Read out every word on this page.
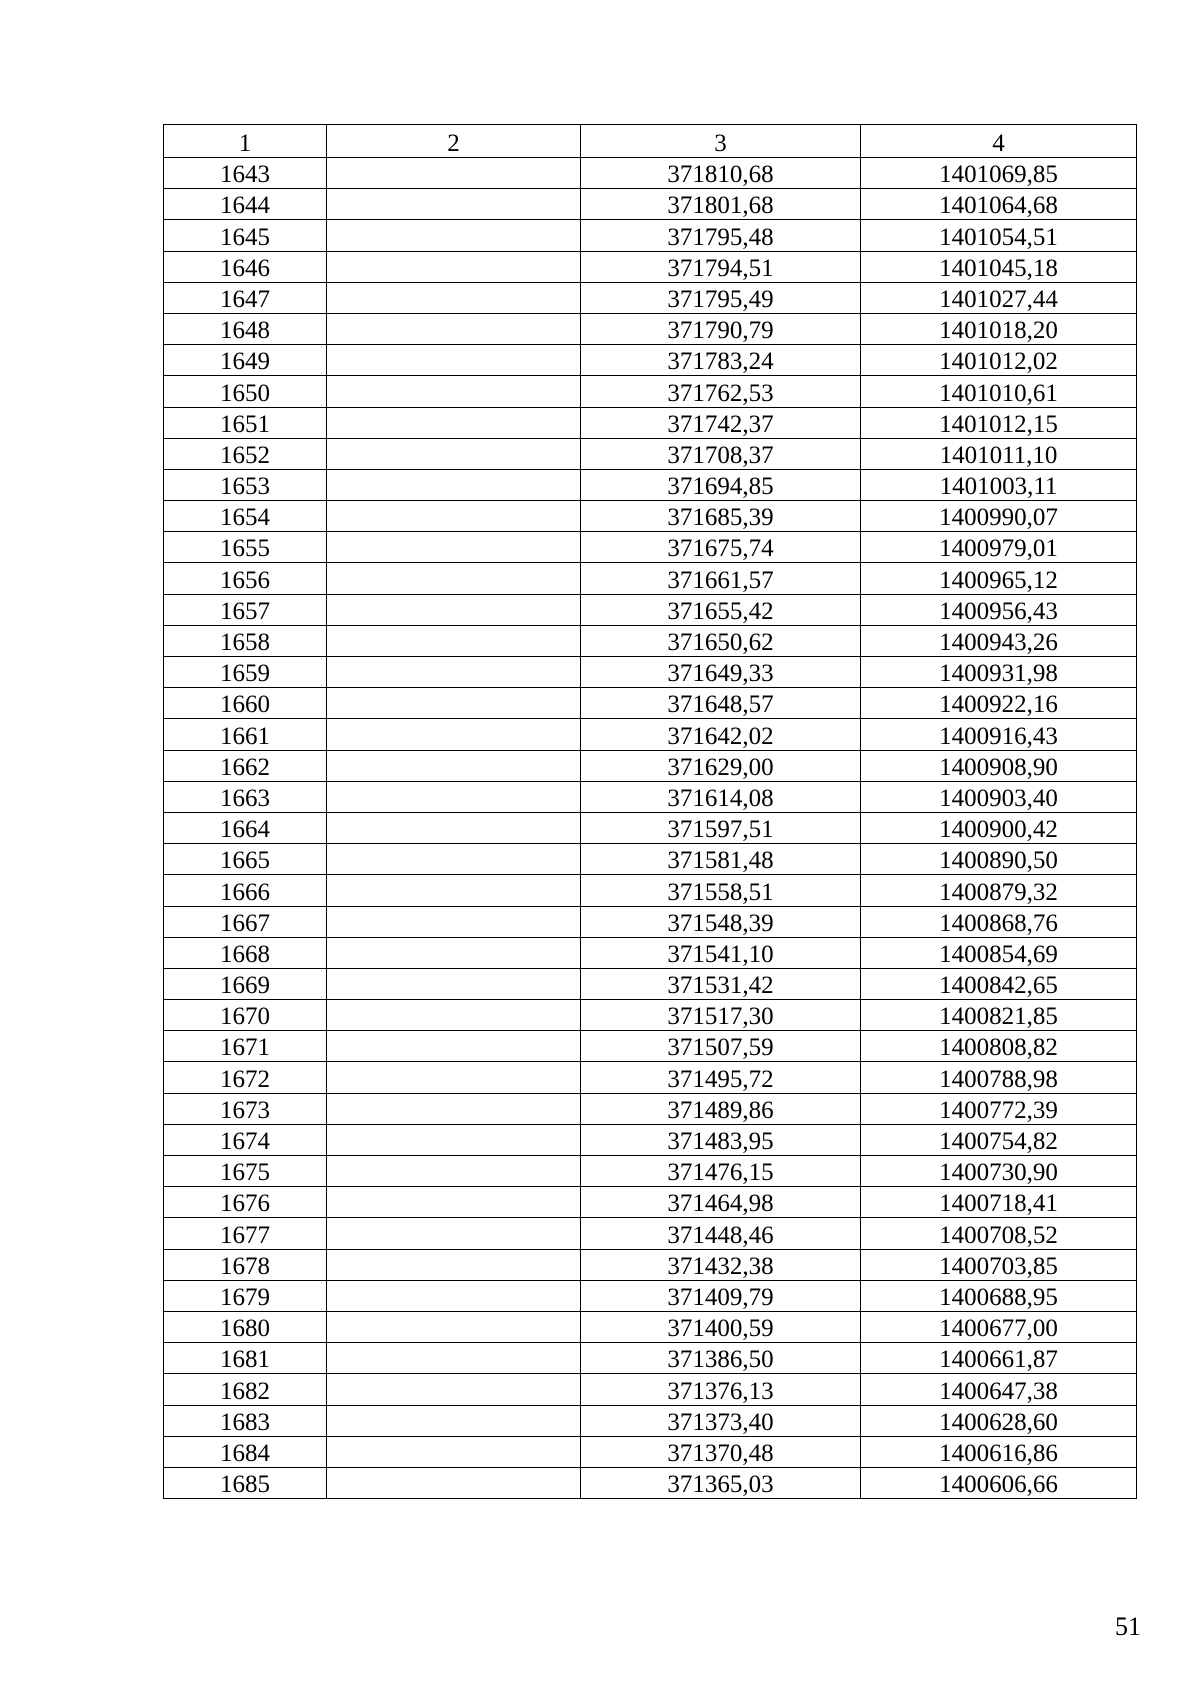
1	2	3	4
1643		371810,68	1401069,85
1644		371801,68	1401064,68
1645		371795,48	1401054,51
1646		371794,51	1401045,18
1647		371795,49	1401027,44
1648		371790,79	1401018,20
1649		371783,24	1401012,02
1650		371762,53	1401010,61
1651		371742,37	1401012,15
1652		371708,37	1401011,10
1653		371694,85	1401003,11
1654		371685,39	1400990,07
1655		371675,74	1400979,01
1656		371661,57	1400965,12
1657		371655,42	1400956,43
1658		371650,62	1400943,26
1659		371649,33	1400931,98
1660		371648,57	1400922,16
1661		371642,02	1400916,43
1662		371629,00	1400908,90
1663		371614,08	1400903,40
1664		371597,51	1400900,42
1665		371581,48	1400890,50
1666		371558,51	1400879,32
1667		371548,39	1400868,76
1668		371541,10	1400854,69
1669		371531,42	1400842,65
1670		371517,30	1400821,85
1671		371507,59	1400808,82
1672		371495,72	1400788,98
1673		371489,86	1400772,39
1674		371483,95	1400754,82
1675		371476,15	1400730,90
1676		371464,98	1400718,41
1677		371448,46	1400708,52
1678		371432,38	1400703,85
1679		371409,79	1400688,95
1680		371400,59	1400677,00
1681		371386,50	1400661,87
1682		371376,13	1400647,38
1683		371373,40	1400628,60
1684		371370,48	1400616,86
1685		371365,03	1400606,66
51
